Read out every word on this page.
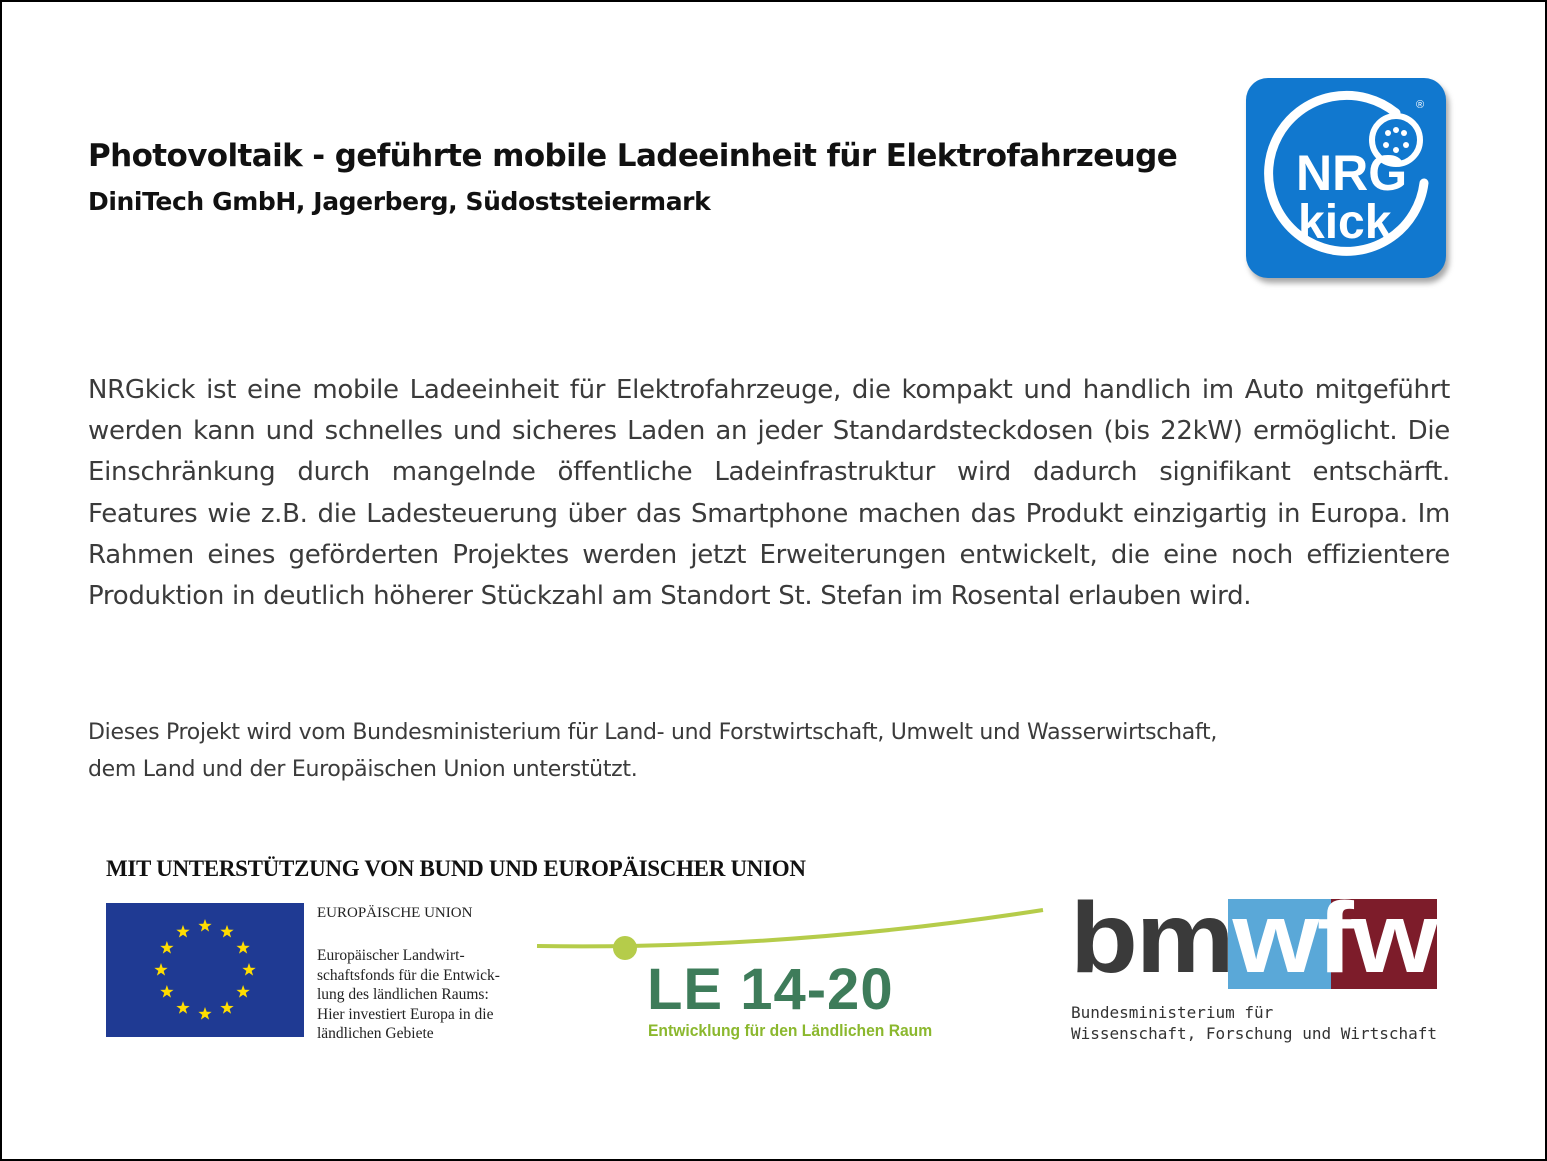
Photovoltaik - geführte mobile Ladeeinheit für Elektrofahrzeuge
DiniTech GmbH, Jagerberg, Südoststeiermark
NRG
kick
®
NRGkick ist eine mobile Ladeeinheit für Elektrofahrzeuge, die kompakt und handlich im Auto mitgeführt werden kann und schnelles und sicheres Laden an jeder Standardsteckdosen (bis 22kW) ermöglicht. Die Einschränkung durch mangelnde öffentliche Ladeinfrastruktur wird dadurch signifikant entschärft. Features wie z.B. die Ladesteuerung über das Smartphone machen das Produkt einzigartig in Europa. Im Rahmen eines geförderten Projektes werden jetzt Erweiterungen entwickelt, die eine noch effizientere Produktion in deutlich höherer Stückzahl am Standort St. Stefan im Rosental erlauben wird.
Dieses Projekt wird vom Bundesministerium für Land- und Forstwirtschaft, Umwelt und Wasserwirtschaft,
dem Land und der Europäischen Union unterstützt.
MIT UNTERSTÜTZUNG VON BUND UND EUROPÄISCHER UNION
EUROPÄISCHE UNION
Europäischer Landwirt-
schaftsfonds für die Entwick-
lung des ländlichen Raums:
Hier investiert Europa in die
ländlichen Gebiete
LE 14-20
Entwicklung für den Ländlichen Raum
bmwfw
Bundesministerium für
Wissenschaft, Forschung und Wirtschaft
